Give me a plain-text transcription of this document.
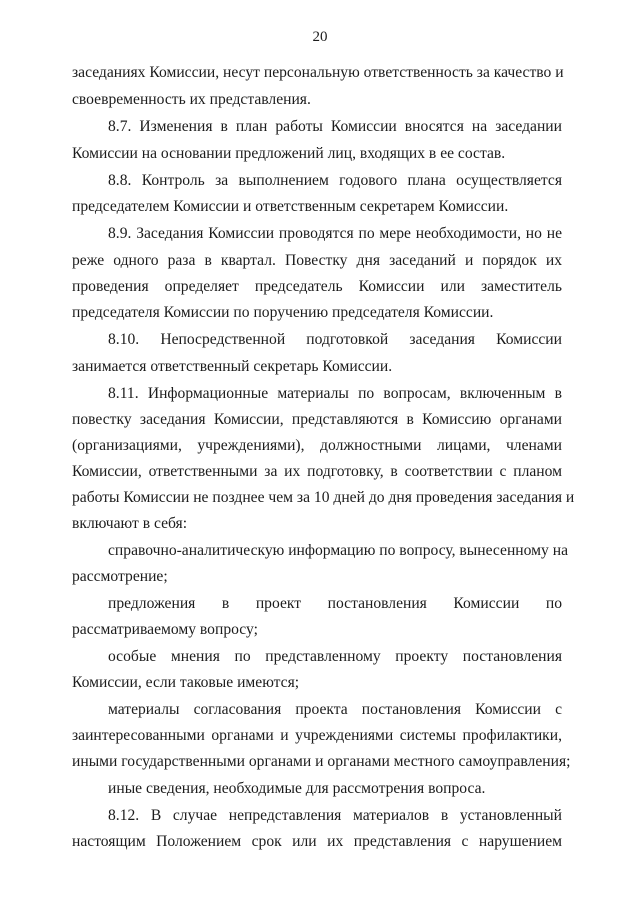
20
заседаниях Комиссии, несут персональную ответственность за качество и
своевременность их представления.
8.7. Изменения в план работы Комиссии вносятся на заседании
Комиссии на основании предложений лиц, входящих в ее состав.
8.8. Контроль за выполнением годового плана осуществляется
председателем Комиссии и ответственным секретарем Комиссии.
8.9. Заседания Комиссии проводятся по мере необходимости, но не
реже одного раза в квартал. Повестку дня заседаний и порядок их
проведения определяет председатель Комиссии или заместитель
председателя Комиссии по поручению председателя Комиссии.
8.10. Непосредственной подготовкой заседания Комиссии
занимается ответственный секретарь Комиссии.
8.11. Информационные материалы по вопросам, включенным в
повестку заседания Комиссии, представляются в Комиссию органами
(организациями, учреждениями), должностными лицами, членами
Комиссии, ответственными за их подготовку, в соответствии с планом
работы Комиссии не позднее чем за 10 дней до дня проведения заседания и
включают в себя:
справочно-аналитическую информацию по вопросу, вынесенному на
рассмотрение;
предложения в проект постановления Комиссии по
рассматриваемому вопросу;
особые мнения по представленному проекту постановления
Комиссии, если таковые имеются;
материалы согласования проекта постановления Комиссии с
заинтересованными органами и учреждениями системы профилактики,
иными государственными органами и органами местного самоуправления;
иные сведения, необходимые для рассмотрения вопроса.
8.12. В случае непредставления материалов в установленный
настоящим Положением срок или их представления с нарушением
